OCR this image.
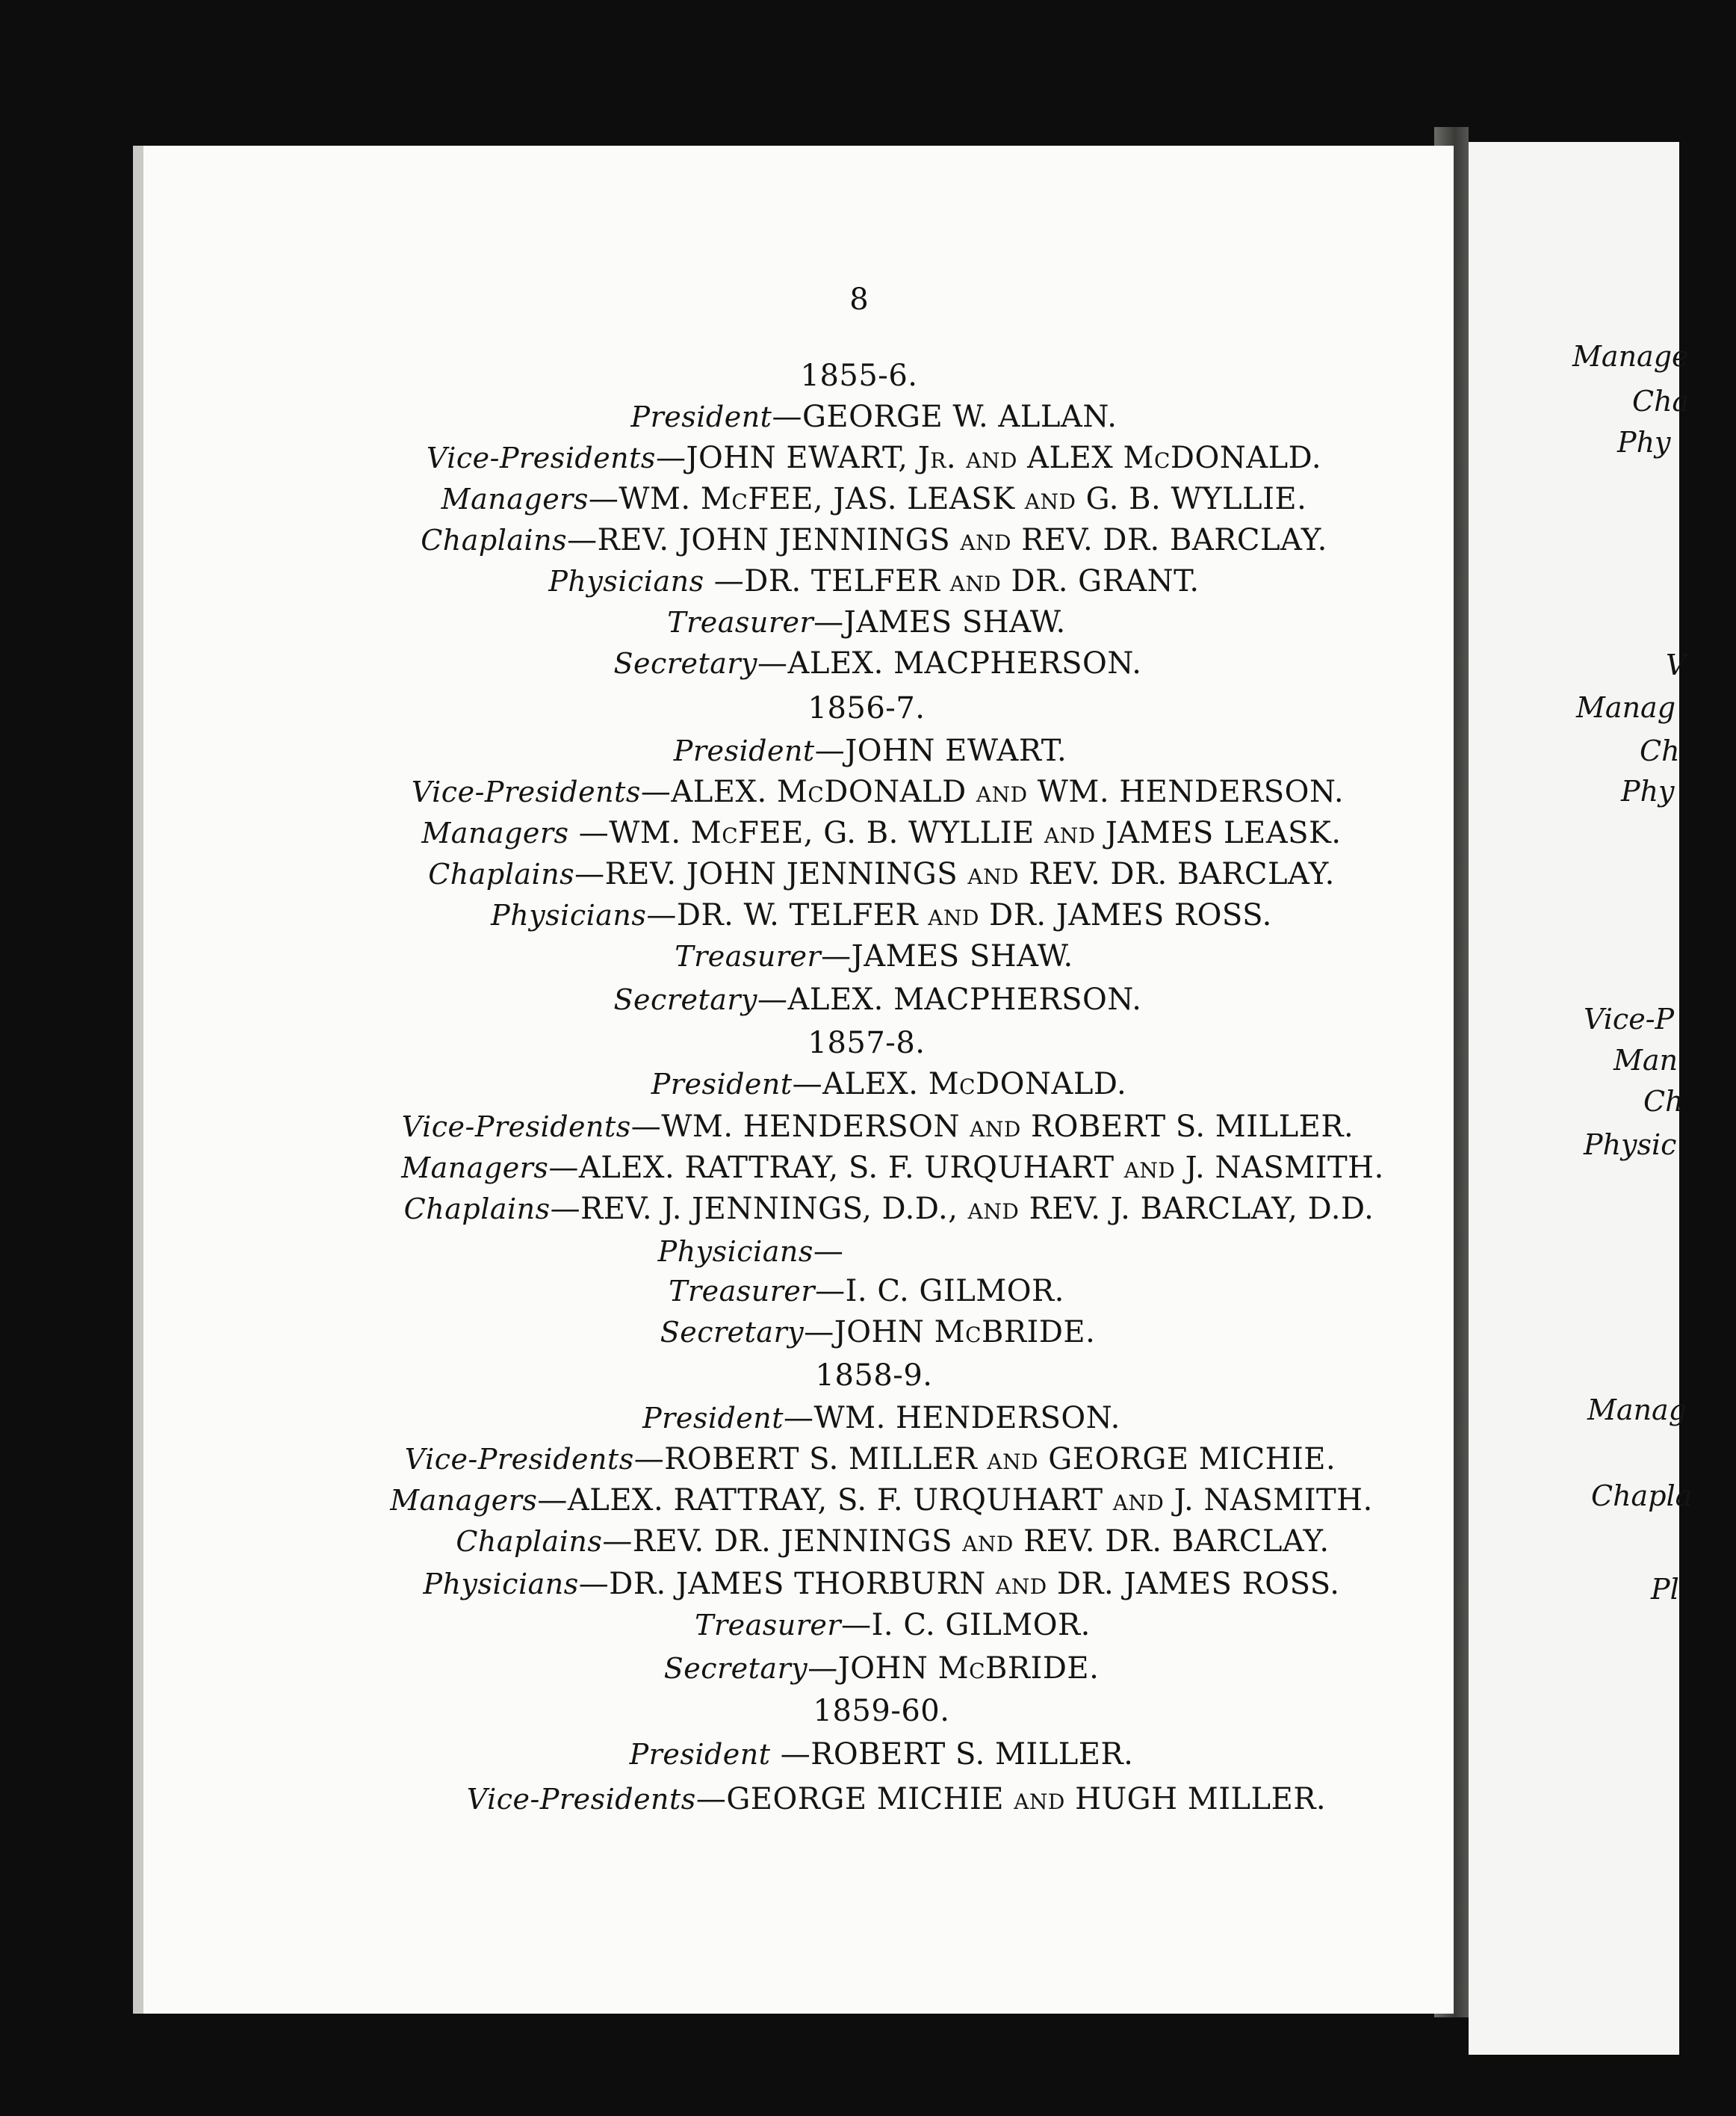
8
1855-6.
President—GEORGE W. ALLAN.
Vice-Presidents—JOHN EWART, Jr. and ALEX McDONALD.
Managers—WM. McFEE, JAS. LEASK and G. B. WYLLIE.
Chaplains—REV. JOHN JENNINGS and REV. DR. BARCLAY.
Physicians —DR. TELFER and DR. GRANT.
Treasurer—JAMES SHAW.
Secretary—ALEX. MACPHERSON.
1856-7.
President—JOHN EWART.
Vice-Presidents—ALEX. McDONALD and WM. HENDERSON.
Managers —WM. McFEE, G. B. WYLLIE and JAMES LEASK.
Chaplains—REV. JOHN JENNINGS and REV. DR. BARCLAY.
Physicians—DR. W. TELFER and DR. JAMES ROSS.
Treasurer—JAMES SHAW.
Secretary—ALEX. MACPHERSON.
1857-8.
President—ALEX. McDONALD.
Vice-Presidents—WM. HENDERSON and ROBERT S. MILLER.
Managers—ALEX. RATTRAY, S. F. URQUHART and J. NASMITH.
Chaplains—REV. J. JENNINGS, D.D., and REV. J. BARCLAY, D.D.
Physicians—
Treasurer—I. C. GILMOR.
Secretary—JOHN McBRIDE.
1858-9.
President—WM. HENDERSON.
Vice-Presidents—ROBERT S. MILLER and GEORGE MICHIE.
Managers—ALEX. RATTRAY, S. F. URQUHART and J. NASMITH.
Chaplains—REV. DR. JENNINGS and REV. DR. BARCLAY.
Physicians—DR. JAMES THORBURN and DR. JAMES ROSS.
Treasurer—I. C. GILMOR.
Secretary—JOHN McBRIDE.
1859-60.
President —ROBERT S. MILLER.
Vice-Presidents—GEORGE MICHIE and HUGH MILLER.
Manage
Cha
Phy
V
Manag
Ch
Phy
Vice-P
Man
Ch
Physic
Manag
Chapla
Pl
